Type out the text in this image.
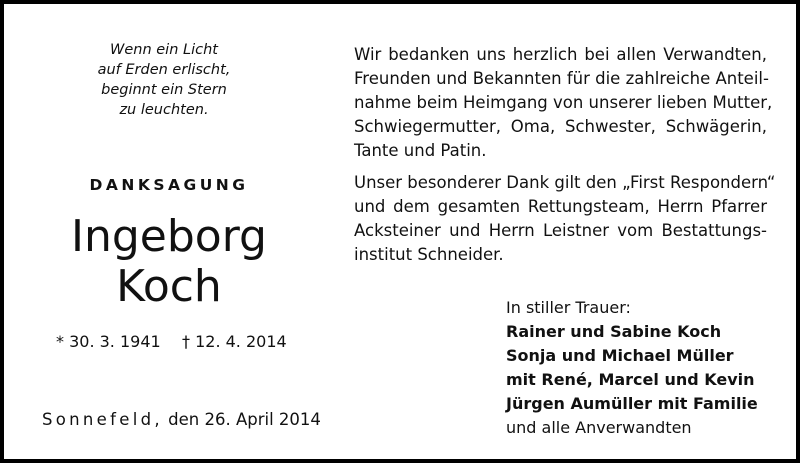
Wenn ein Licht
auf Erden erlischt,
beginnt ein Stern
zu leuchten.
DANKSAGUNG
Ingeborg
Koch
* 30. 3. 1941 † 12. 4. 2014
Sonnefeld, den 26. April 2014
Wir bedanken uns herzlich bei allen Verwandten,
Freunden und Bekannten für die zahlreiche Anteil-
nahme beim Heimgang von unserer lieben Mutter,
Schwiegermutter, Oma, Schwester, Schwägerin,
Tante und Patin.
Unser besonderer Dank gilt den „First Respondern“
und dem gesamten Rettungsteam, Herrn Pfarrer
Acksteiner und Herrn Leistner vom Bestattungs-
institut Schneider.
In stiller Trauer:
Rainer und Sabine Koch
Sonja und Michael Müller
mit René, Marcel und Kevin
Jürgen Aumüller mit Familie
und alle Anverwandten
